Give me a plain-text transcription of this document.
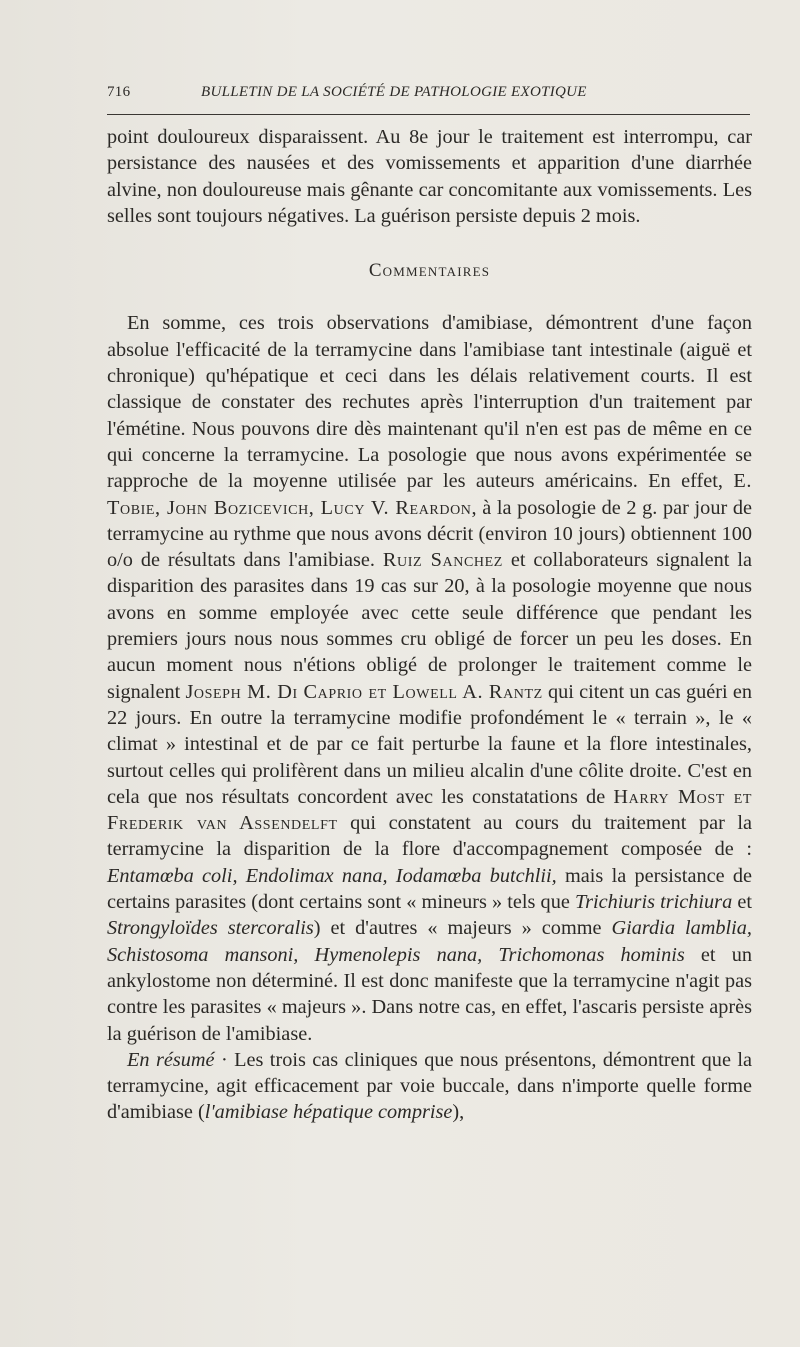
716	BULLETIN DE LA SOCIÉTÉ DE PATHOLOGIE EXOTIQUE

point douloureux disparaissent. Au 8e jour le traitement est interrompu, car persistance des nausées et des vomissements et apparition d'une diarrhée alvine, non douloureuse mais gênante car concomitante aux vomissements. Les selles sont toujours négatives. La guérison persiste depuis 2 mois.

Commentaires

En somme, ces trois observations d'amibiase, démontrent d'une façon absolue l'efficacité de la terramycine dans l'amibiase tant intestinale (aiguë et chronique) qu'hépatique et ceci dans les délais relativement courts. Il est classique de constater des rechutes après l'interruption d'un traitement par l'émétine. Nous pouvons dire dès maintenant qu'il n'en est pas de même en ce qui concerne la terramycine. La posologie que nous avons expérimentée se rapproche de la moyenne utilisée par les auteurs américains. En effet, E. Tobie, John Bozicevich, Lucy V. Reardon, à la posologie de 2 g. par jour de terramycine au rythme que nous avons décrit (environ 10 jours) obtiennent 100 o/o de résultats dans l'amibiase. Ruiz Sanchez et collaborateurs signalent la disparition des parasites dans 19 cas sur 20, à la posologie moyenne que nous avons en somme employée avec cette seule différence que pendant les premiers jours nous nous sommes cru obligé de forcer un peu les doses. En aucun moment nous n'étions obligé de prolonger le traitement comme le signalent Joseph M. Di Caprio et Lowell A. Rantz qui citent un cas guéri en 22 jours. En outre la terramycine modifie profondément le « terrain », le « climat » intestinal et de par ce fait perturbe la faune et la flore intestinales, surtout celles qui prolifèrent dans un milieu alcalin d'une côlite droite. C'est en cela que nos résultats concordent avec les constatations de Harry Most et Frederik van Assendelft qui constatent au cours du traitement par la terramycine la disparition de la flore d'accompagnement composée de : Entamœba coli, Endolimax nana, Iodamœba butchlii, mais la persistance de certains parasites (dont certains sont « mineurs » tels que Trichiuris trichiura et Strongyloïdes stercoralis) et d'autres « majeurs » comme Giardia lamblia, Schistosoma mansoni, Hymenolepis nana, Trichomonas hominis et un ankylostome non déterminé. Il est donc manifeste que la terramycine n'agit pas contre les parasites « majeurs ». Dans notre cas, en effet, l'ascaris persiste après la guérison de l'amibiase.

En résumé · Les trois cas cliniques que nous présentons, démontrent que la terramycine, agit efficacement par voie buccale, dans n'importe quelle forme d'amibiase (l'amibiase hépatique comprise),
